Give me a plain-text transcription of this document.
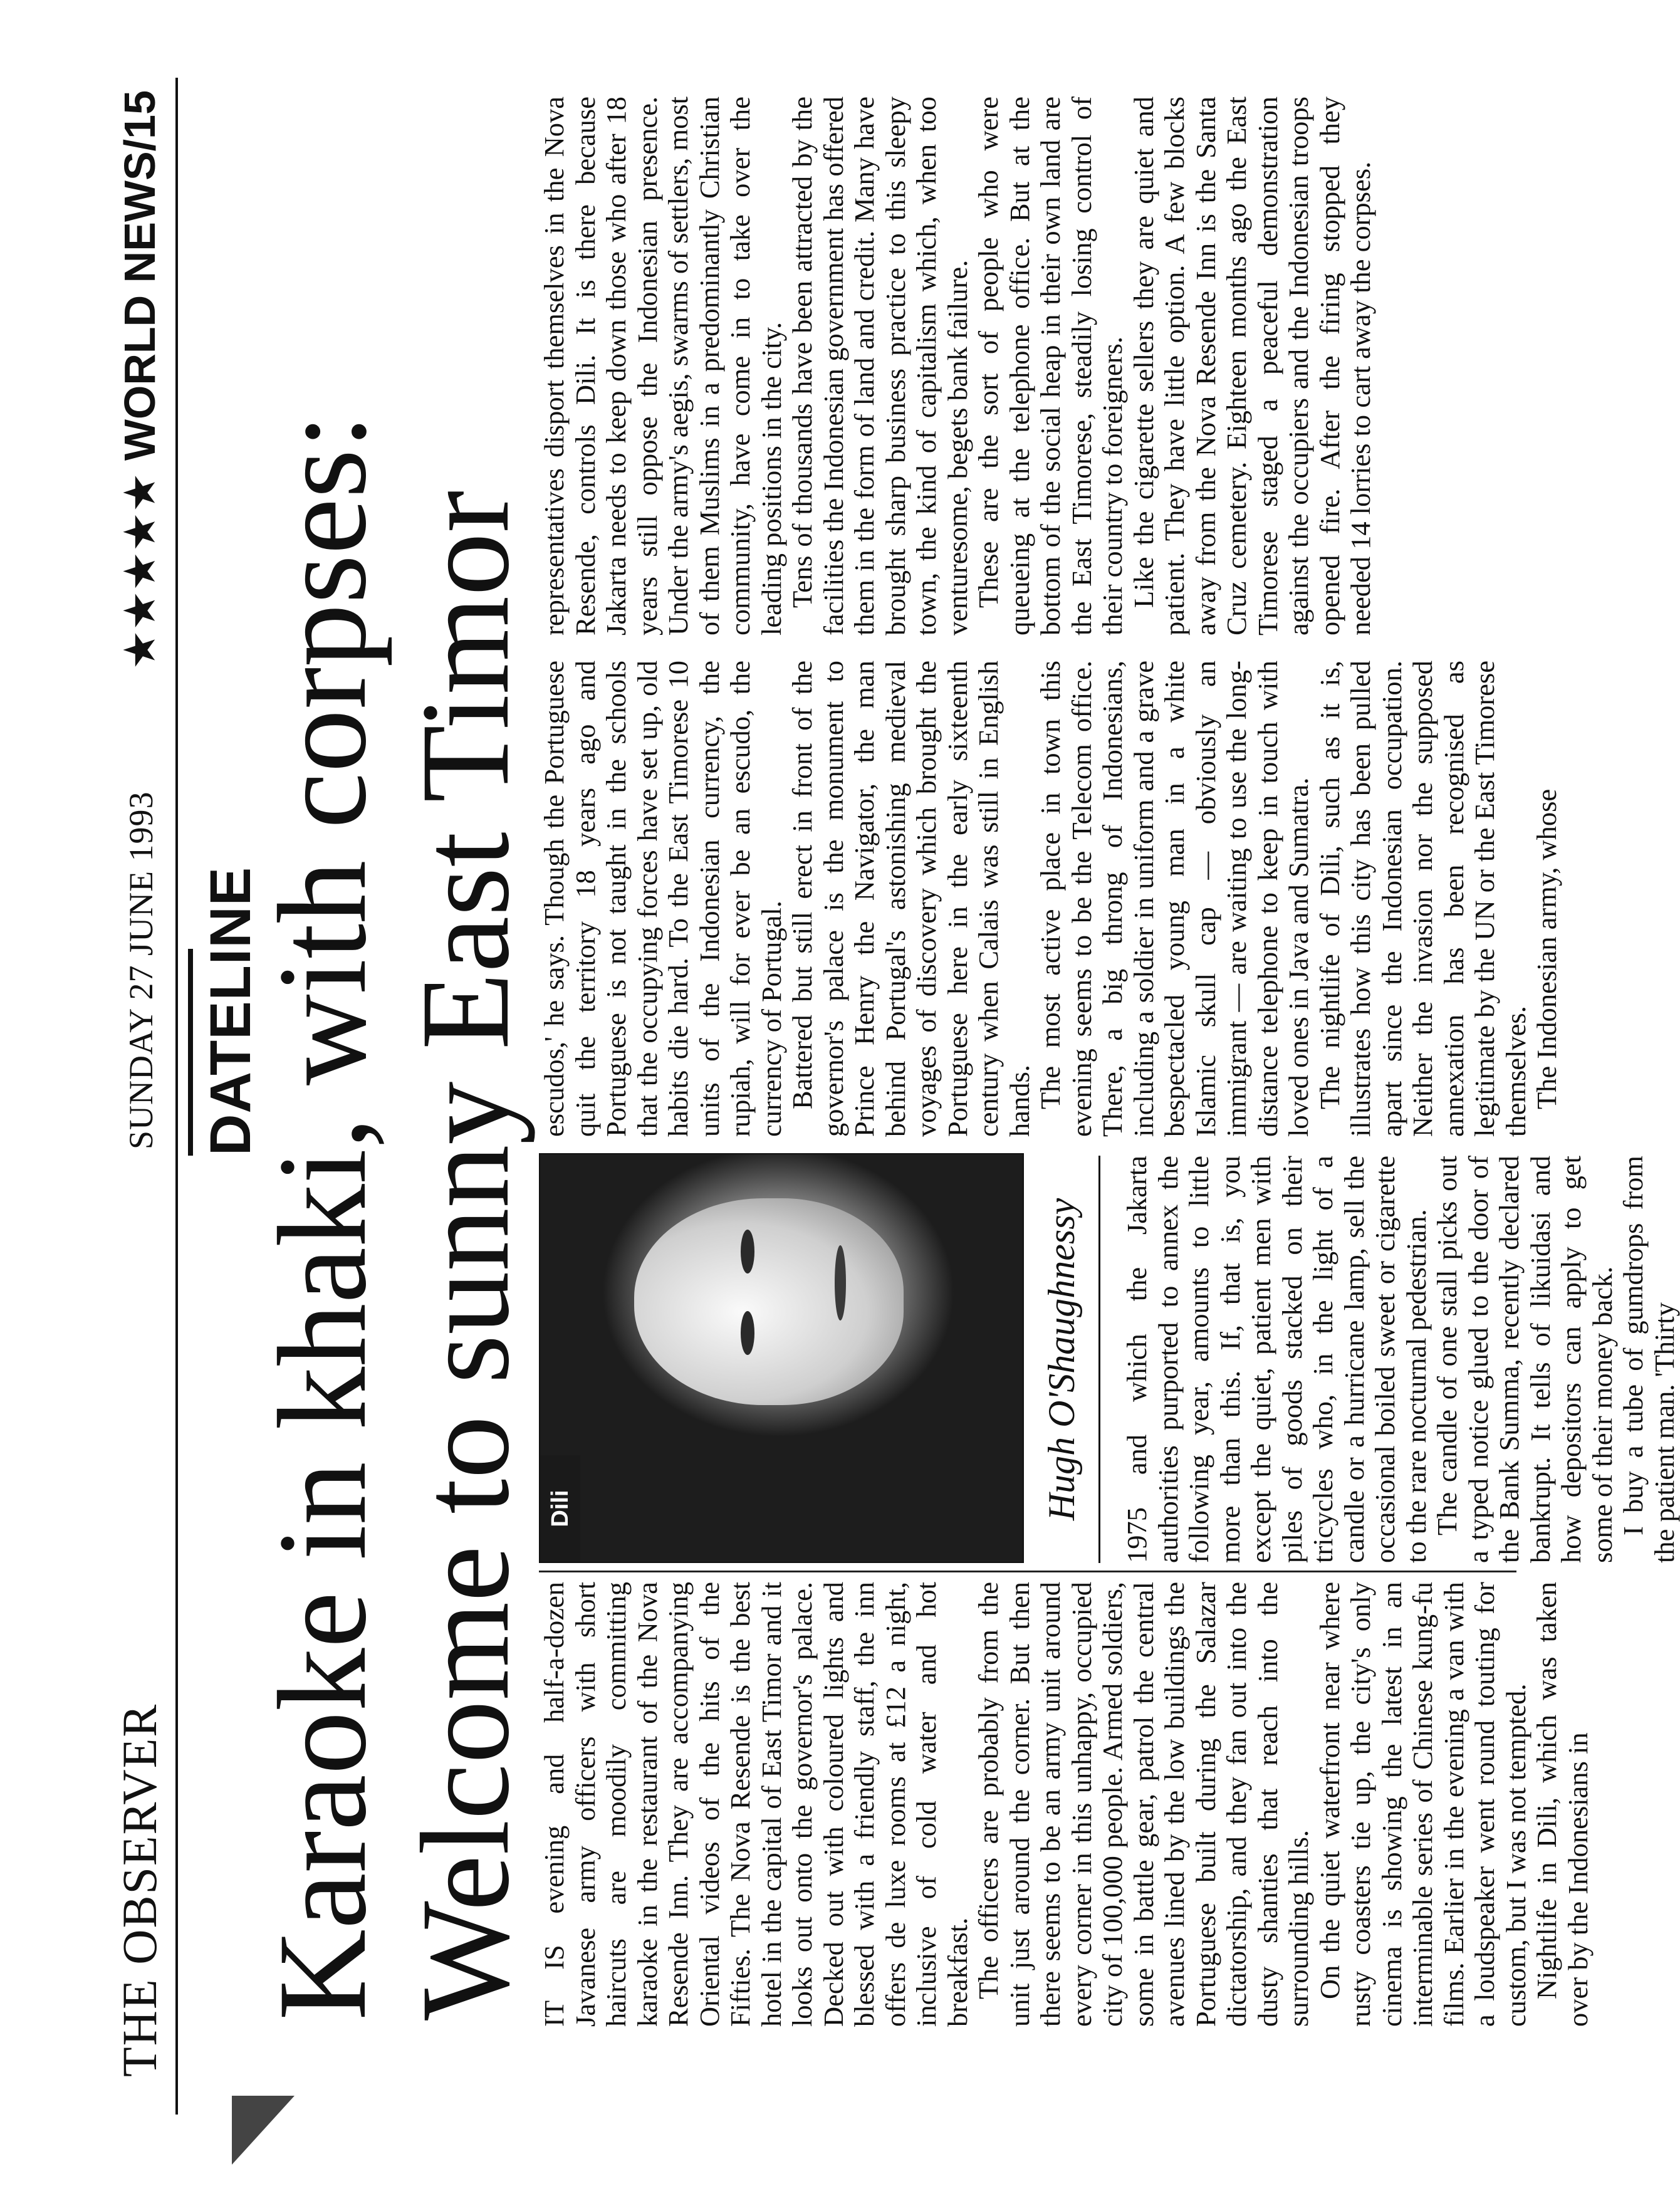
THE OBSERVER
SUNDAY 27 JUNE 1993
★★★★★ WORLD NEWS/15
DATELINE
Karaoke in khaki, with corpses: Welcome to sunny East Timor IT IS evening and half-a-dozen Javanese army officers with short haircuts are moodily committing karaoke in the restaurant of the Nova Resende Inn. They are accompanying Oriental videos of the hits of the Fifties. The Nova Resende is the best hotel in the capital of East Timor and it looks out onto the governor's palace. Decked out with coloured lights and blessed with a friendly staff, the inn offers de luxe rooms at £12 a night, inclusive of cold water and hot breakfast. The officers are probably from the unit just around the corner. But then there seems to be an army unit around every corner in this unhappy, occupied city of 100,000 people. Armed soldiers, some in battle gear, patrol the central avenues lined by the low buildings the Portuguese built during the Salazar dictatorship, and they fan out into the dusty shanties that reach into the surrounding hills. On the quiet waterfront near where rusty coasters tie up, the city's only cinema is showing the latest in an interminable series of Chinese kung-fu films. Earlier in the evening a van with a loudspeaker went round touting for custom, but I was not tempted. Nightlife in Dili, which was taken over by the Indonesians in

Dili	Hugh O'Shaughnessy	1975 and which the Jakarta authorities purported to annex the following year, amounts to little more than this. If, that is, you except the quiet, patient men with piles of goods stacked on their tricycles who, in the light of a candle or a hurricane lamp, sell the occasional boiled sweet or cigarette to the rare nocturnal pedestrian. The candle of one stall picks out a typed notice glued to the door of the Bank Summa, recently declared bankrupt. It tells of likuidasi and how depositors can apply to get some of their money back. I buy a tube of gumdrops from the patient man. 'Thirty

escudos,' he says. Though the Portuguese quit the territory 18 years ago and Portuguese is not taught in the schools that the occupying forces have set up, old habits die hard. To the East Timorese 10 units of the Indonesian currency, the rupiah, will for ever be an escudo, the currency of Portugal. Battered but still erect in front of the governor's palace is the monument to Prince Henry the Navigator, the man behind Portugal's astonishing medieval voyages of discovery which brought the Portuguese here in the early sixteenth century when Calais was still in English hands. The most active place in town this evening seems to be the Telecom office. There, a big throng of Indonesians, including a soldier in uniform and a grave bespectacled young man in a white Islamic skull cap — obviously an immigrant — are waiting to use the long-distance telephone to keep in touch with loved ones in Java and Sumatra. The nightlife of Dili, such as it is, illustrates how this city has been pulled apart since the Indonesian occupation. Neither the invasion nor the supposed annexation has been recognised as legitimate by the UN or the East Timorese themselves. The Indonesian army, whose

representatives disport themselves in the Nova Resende, controls Dili. It is there because Jakarta needs to keep down those who after 18 years still oppose the Indonesian presence. Under the army's aegis, swarms of settlers, most of them Muslims in a predominantly Christian community, have come in to take over the leading positions in the city. Tens of thousands have been attracted by the facilities the Indonesian government has offered them in the form of land and credit. Many have brought sharp business practice to this sleepy town, the kind of capitalism which, when too venturesome, begets bank failure. These are the sort of people who were queueing at the telephone office. But at the bottom of the social heap in their own land are the East Timorese, steadily losing control of their country to foreigners. Like the cigarette sellers they are quiet and patient. They have little option. A few blocks away from the Nova Resende Inn is the Santa Cruz cemetery. Eighteen months ago the East Timorese staged a peaceful demonstration against the occupiers and the Indonesian troops opened fire. After the firing stopped they needed 14 lorries to cart away the corpses.
